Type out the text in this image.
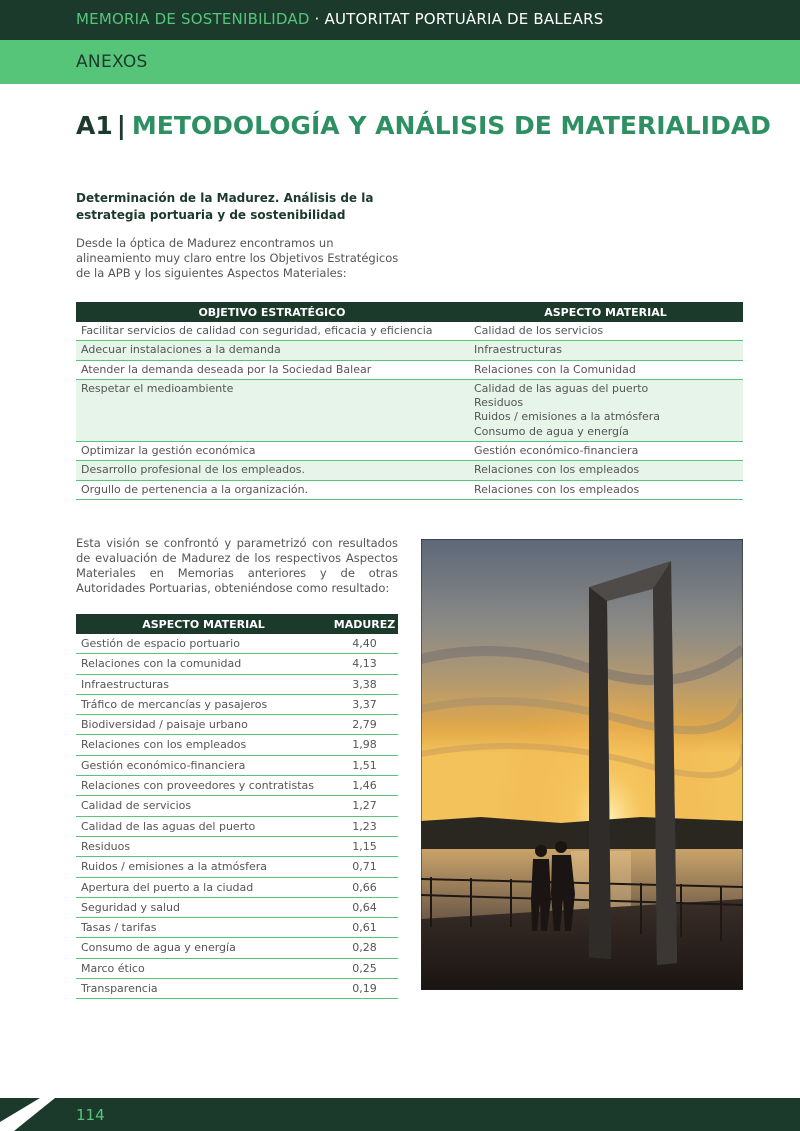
MEMORIA DE SOSTENIBILIDAD · AUTORITAT PORTUÀRIA DE BALEARS
ANEXOS
A1 | METODOLOGÍA Y ANÁLISIS DE MATERIALIDAD
Determinación de la Madurez. Análisis de la estrategia portuaria y de sostenibilidad
Desde la óptica de Madurez encontramos un alineamiento muy claro entre los Objetivos Estratégicos de la APB y los siguientes Aspectos Materiales:
OBJETIVO ESTRATÉGICO	ASPECTO MATERIAL
Facilitar servicios de calidad con seguridad, eficacia y eficiencia	Calidad de los servicios

Adecuar instalaciones a la demanda	Infraestructuras

Atender la demanda deseada por la Sociedad Balear	Relaciones con la Comunidad

Respetar el medioambiente	Calidad de las aguas del puerto
Residuos
Ruidos / emisiones a la atmósfera
Consumo de agua y energía

Optimizar la gestión económica	Gestión económico-financiera

Desarrollo profesional de los empleados.	Relaciones con los empleados

Orgullo de pertenencia a la organización.	Relaciones con los empleados
Esta visión se confrontó y parametrizó con resultados de evaluación de Madurez de los respectivos Aspectos Materiales en Memorias anteriores y de otras Autoridades Portuarias, obteniéndose como resultado:
ASPECTO MATERIAL	MADUREZ
Gestión de espacio portuario	4,40
Relaciones con la comunidad	4,13
Infraestructuras	3,38
Tráfico de mercancías y pasajeros	3,37
Biodiversidad / paisaje urbano	2,79
Relaciones con los empleados	1,98
Gestión económico-financiera	1,51
Relaciones con proveedores y contratistas	1,46
Calidad de servicios	1,27
Calidad de las aguas del puerto	1,23
Residuos	1,15
Ruidos / emisiones a la atmósfera	0,71
Apertura del puerto a la ciudad	0,66
Seguridad y salud	0,64
Tasas / tarifas	0,61
Consumo de agua y energía	0,28
Marco ético	0,25
Transparencia	0,19
114
